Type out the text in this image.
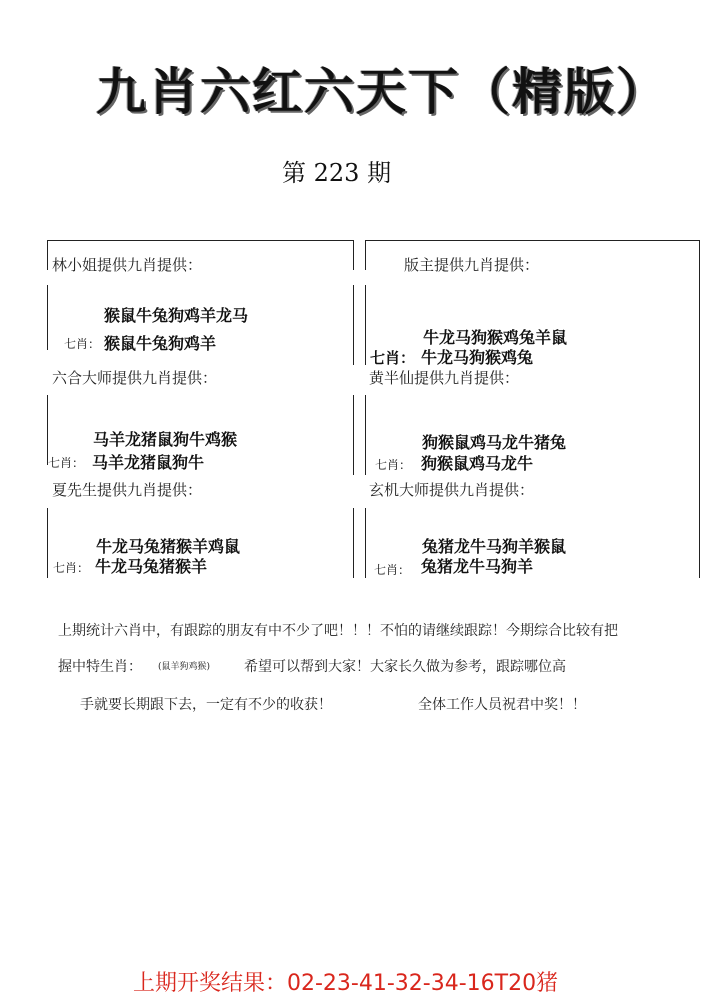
九肖六红六天下（精版）
第 223 期
林小姐提供九肖提供：
猴鼠牛兔狗鸡羊龙马
七肖： 猴鼠牛兔狗鸡羊
版主提供九肖提供：
牛龙马狗猴鸡兔羊鼠
七肖： 牛龙马狗猴鸡兔
六合大师提供九肖提供：
马羊龙猪鼠狗牛鸡猴
七肖： 马羊龙猪鼠狗牛
黄半仙提供九肖提供：
狗猴鼠鸡马龙牛猪兔
七肖： 狗猴鼠鸡马龙牛
夏先生提供九肖提供：
牛龙马兔猪猴羊鸡鼠
七肖： 牛龙马兔猪猴羊
玄机大师提供九肖提供：
兔猪龙牛马狗羊猴鼠
七肖： 兔猪龙牛马狗羊
上期统计六肖中，有跟踪的朋友有中不少了吧！！！不怕的请继续跟踪！今期综合比较有把
握中特生肖： (鼠羊狗鸡猴) 希望可以帮到大家！大家长久做为参考，跟踪哪位高
手就要长期跟下去，一定有不少的收获！	全体工作人员祝君中奖！！
上期开奖结果：02-23-41-32-34-16T20猪
